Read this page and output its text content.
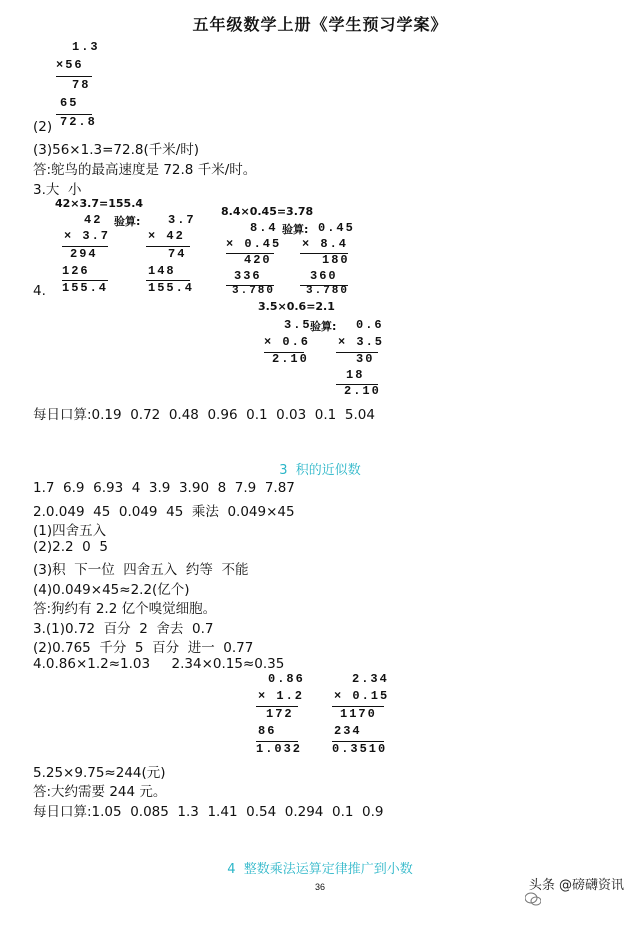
五年级数学上册《学生预习学案》
1.3
×56
78
65
72.8
(2)
(3)56×1.3=72.8(千米/时)
答:鸵鸟的最高速度是 72.8 千米/时。
3.大  小
42×3.7=155.4
4.
42 验算:
× 3.7
294
126
155.4
3.7
× 42
74
148
155.4
8.4×0.45=3.78
8.4 验算:
× 0.45
420
336
3.780
0.45
× 8.4
180
360
3.780
3.5×0.6=2.1
3.5
验算:
× 0.6
2.10
0.6
× 3.5
30
18
2.10
每日口算:0.19  0.72  0.48  0.96  0.1  0.03  0.1  5.04
3  积的近似数
1.7  6.9  6.93  4  3.9  3.90  8  7.9  7.87
2.0.049  45  0.049  45  乘法  0.049×45
(1)四舍五入
(2)2.2  0  5
(3)积  下一位  四舍五入  约等  不能
(4)0.049×45≈2.2(亿个)
答:狗约有 2.2 亿个嗅觉细胞。
3.(1)0.72  百分  2  舍去  0.7
(2)0.765  千分  5  百分  进一  0.77
4.0.86×1.2≈1.03     2.34×0.15≈0.35
0.86
× 1.2
172
86
1.032
2.34
× 0.15
1170
234
0.3510
5.25×9.75≈244(元)
答:大约需要 244 元。
每日口算:1.05  0.085  1.3  1.41  0.54  0.294  0.1  0.9
4  整数乘法运算定律推广到小数
36

	头条 @磅礴资讯
